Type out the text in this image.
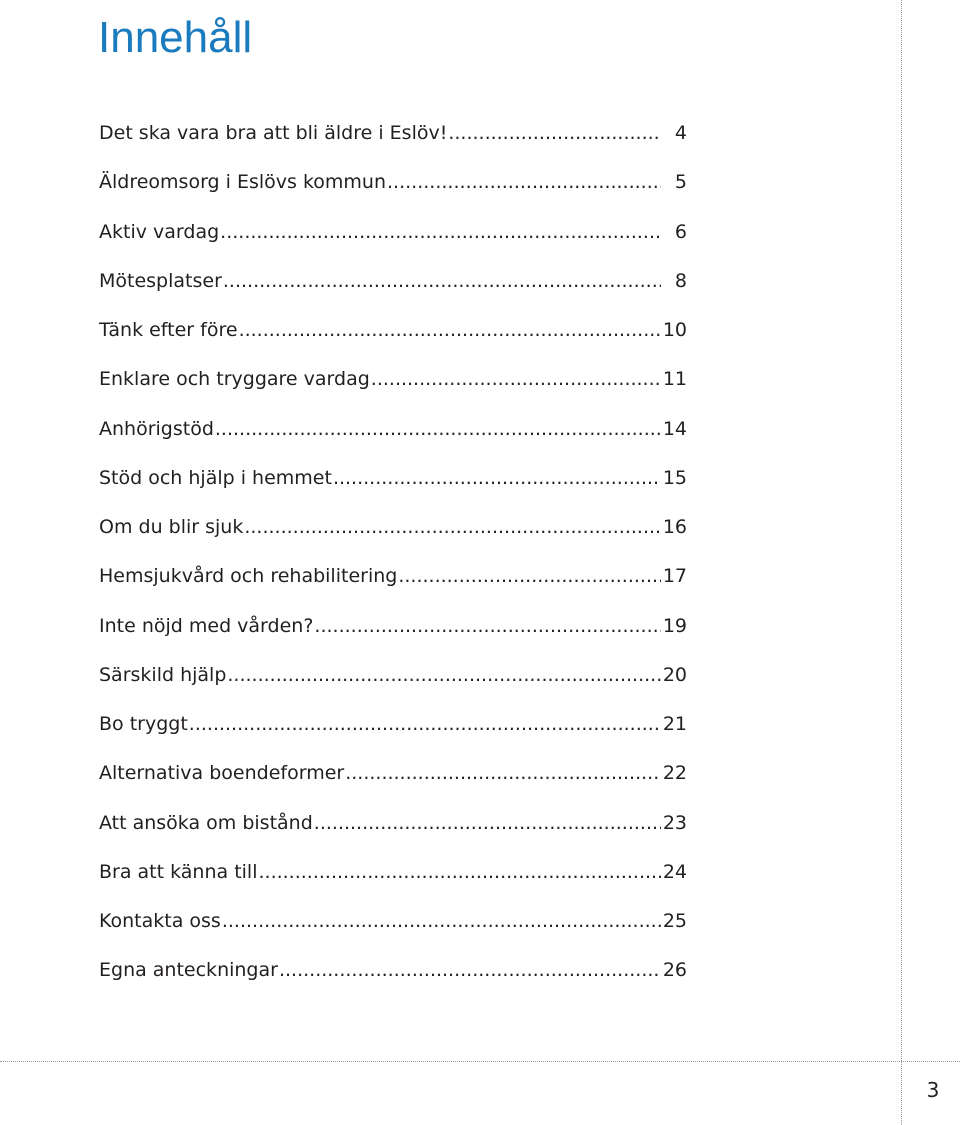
Innehåll
Det ska vara bra att bli äldre i Eslöv! .....	4
Äldreomsorg i Eslövs kommun .....	5
Aktiv vardag .....	6
Mötesplatser .....	8
Tänk efter före .....	10
Enklare och tryggare vardag .....	11
Anhörigstöd .....	14
Stöd och hjälp i hemmet .....	15
Om du blir sjuk .....	16
Hemsjukvård och rehabilitering .....	17
Inte nöjd med vården? .....	19
Särskild hjälp .....	20
Bo tryggt .....	21
Alternativa boendeformer .....	22
Att ansöka om bistånd .....	23
Bra att känna till .....	24
Kontakta oss .....	25
Egna anteckningar .....	26
3
